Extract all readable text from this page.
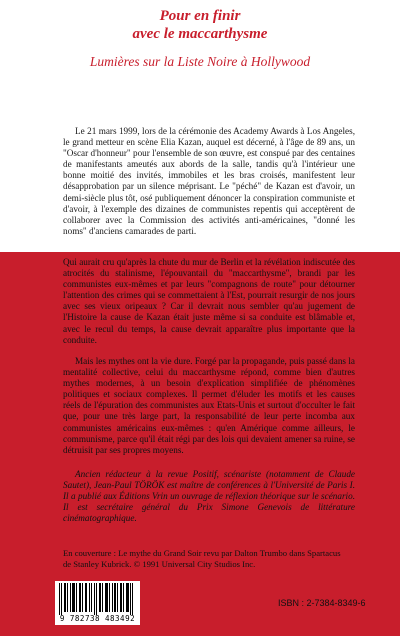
Pour en finir
avec le maccarthysme
Lumières sur la Liste Noire à Hollywood

Le 21 mars 1999, lors de la cérémonie des Academy Awards à Los Angeles, le grand metteur en scène Elia Kazan, auquel est décerné, à l'âge de 89 ans, un "Oscar d'honneur" pour l'ensemble de son œuvre, est conspué par des centaines de manifestants ameutés aux abords de la salle, tandis qu'à l'intérieur une bonne moitié des invités, immobiles et les bras croisés, manifestent leur désapprobation par un silence méprisant. Le "péché" de Kazan est d'avoir, un demi-siècle plus tôt, osé publiquement dénoncer la conspiration communiste et d'avoir, à l'exemple des dizaines de communistes repentis qui acceptèrent de collaborer avec la Commission des activités anti-américaines, "donné les noms" d'anciens camarades de parti.

Qui aurait cru qu'après la chute du mur de Berlin et la révélation indiscutée des atrocités du stalinisme, l'épouvantail du "maccarthysme", brandi par les communistes eux-mêmes et par leurs "compagnons de route" pour détourner l'attention des crimes qui se commettaient à l'Est, pourrait resurgir de nos jours avec ses vieux oripeaux ? Car il devrait nous sembler qu'au jugement de l'Histoire la cause de Kazan était juste même si sa conduite est blâmable et, avec le recul du temps, la cause devrait apparaître plus importante que la conduite.

Mais les mythes ont la vie dure. Forgé par la propagande, puis passé dans la mentalité collective, celui du maccarthysme répond, comme bien d'autres mythes modernes, à un besoin d'explication simplifiée de phénomènes politiques et sociaux complexes. Il permet d'éluder les motifs et les causes réels de l'épuration des communistes aux Etats-Unis et surtout d'occulter le fait que, pour une très large part, la responsabilité de leur perte incomba aux communistes américains eux-mêmes : qu'en Amérique comme ailleurs, le communisme, parce qu'il était régi par des lois qui devaient amener sa ruine, se détruisit par ses propres moyens.

Ancien rédacteur à la revue Positif, scénariste (notamment de Claude Sautet), Jean-Paul TÖRÖK est maître de conférences à l'Université de Paris I. Il a publié aux Éditions Vrin un ouvrage de réflexion théorique sur le scénario. Il est secrétaire général du Prix Simone Genevois de littérature cinématographique.

En couverture : Le mythe du Grand Soir revu par Dalton Trumbo dans Spartacus
de Stanley Kubrick. © 1991 Universal City Studios Inc.
9 782738 483492
ISBN : 2-7384-8349-6
